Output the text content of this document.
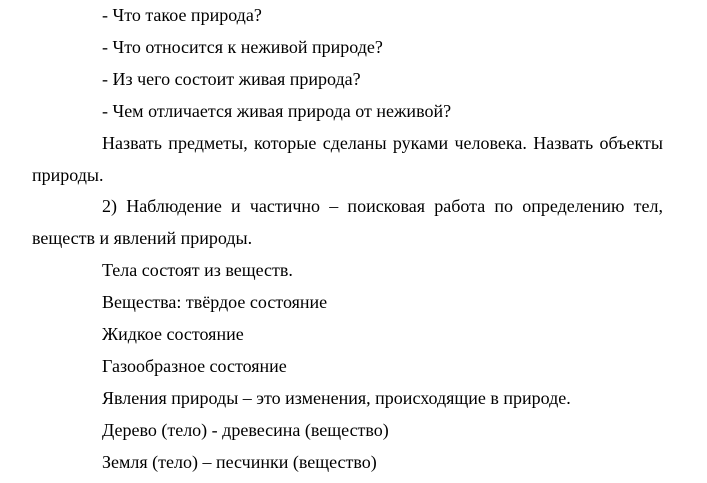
- Что такое природа?
- Что относится к неживой природе?
- Из чего состоит живая природа?
- Чем отличается живая природа от неживой?
Назвать предметы, которые сделаны руками человека. Назвать объекты
природы.
2) Наблюдение и частично – поисковая работа по определению тел,
веществ и явлений природы.
Тела состоят из веществ.
Вещества: твёрдое состояние
Жидкое состояние
Газообразное состояние
Явления природы – это изменения, происходящие в природе.
Дерево (тело) - древесина (вещество)
Земля (тело) – песчинки (вещество)
